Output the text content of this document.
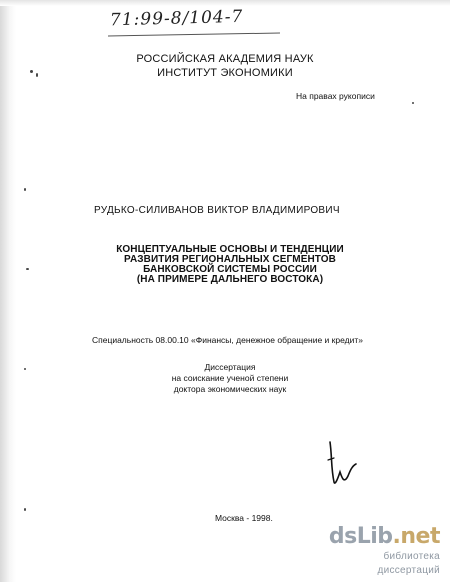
71:99-8/104-7
РОССИЙСКАЯ АКАДЕМИЯ НАУК
ИНСТИТУТ ЭКОНОМИКИ
На правах рукописи
РУДЬКО-СИЛИВАНОВ ВИКТОР ВЛАДИМИРОВИЧ
КОНЦЕПТУАЛЬНЫЕ ОСНОВЫ И ТЕНДЕНЦИИ
РАЗВИТИЯ РЕГИОНАЛЬНЫХ СЕГМЕНТОВ
БАНКОВСКОЙ СИСТЕМЫ РОССИИ
(НА ПРИМЕРЕ ДАЛЬНЕГО ВОСТОКА)
Специальность 08.00.10 «Финансы, денежное обращение и кредит»
Диссертация
на соискание ученой степени
доктора экономических наук
Москва - 1998.
dsLib.net
библиотека диссертаций
